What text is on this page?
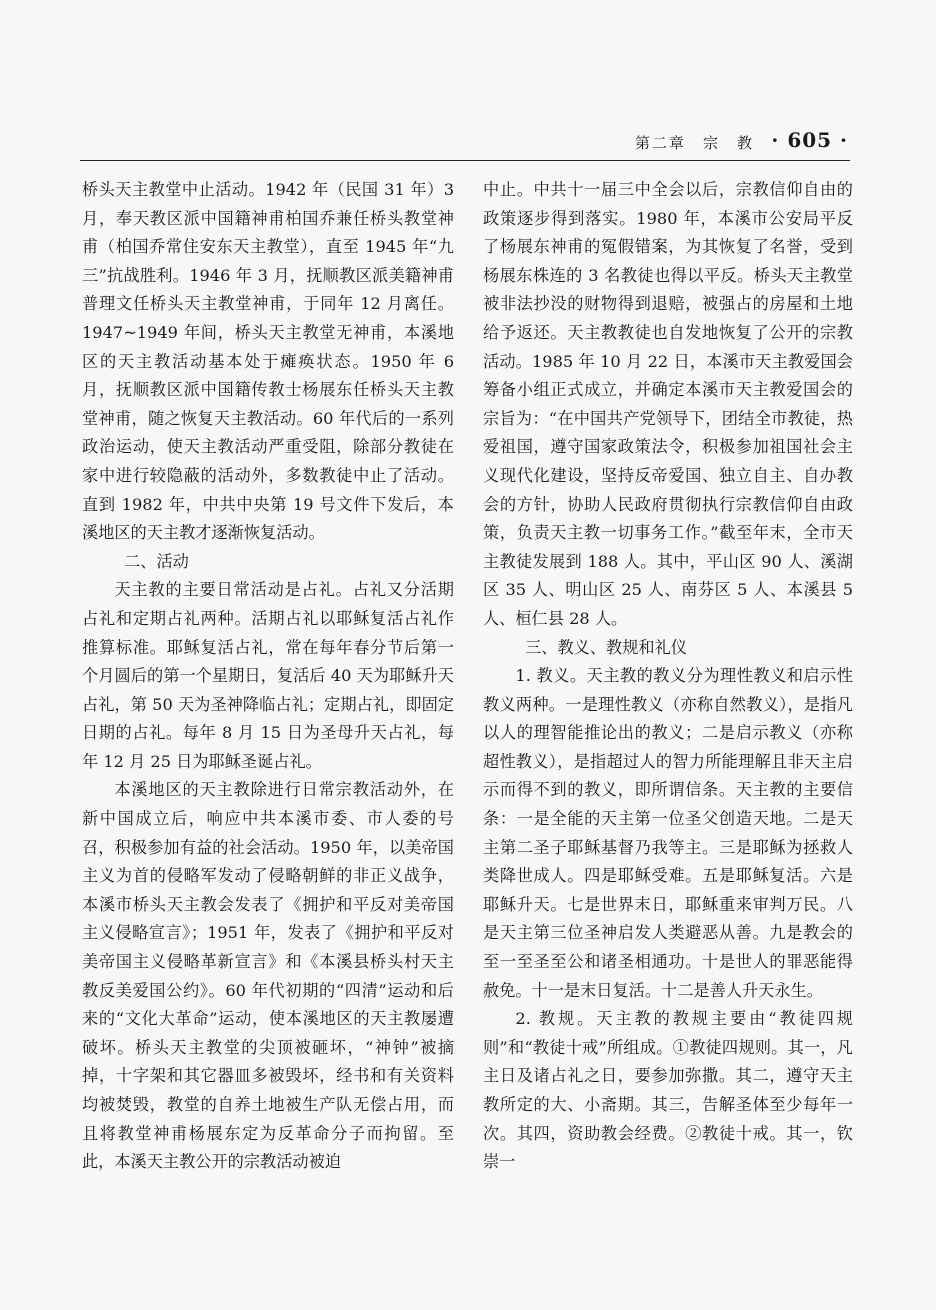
第二章　宗　教 · 605 ·

桥头天主教堂中止活动。1942 年（民国 31 年）3 月，奉天教区派中国籍神甫柏国乔兼任桥头教堂神甫（柏国乔常住安东天主教堂），直至 1945 年“九三”抗战胜利。1946 年 3 月，抚顺教区派美籍神甫普理文任桥头天主教堂神甫，于同年 12 月离任。1947~1949 年间，桥头天主教堂无神甫，本溪地区的天主教活动基本处于瘫痪状态。1950 年 6 月，抚顺教区派中国籍传教士杨展东任桥头天主教堂神甫，随之恢复天主教活动。60 年代后的一系列政治运动，使天主教活动严重受阻，除部分教徒在家中进行较隐蔽的活动外，多数教徒中止了活动。直到 1982 年，中共中央第 19 号文件下发后，本溪地区的天主教才逐渐恢复活动。

二、活动

天主教的主要日常活动是占礼。占礼又分活期占礼和定期占礼两种。活期占礼以耶稣复活占礼作推算标准。耶稣复活占礼，常在每年春分节后第一个月圆后的第一个星期日，复活后 40 天为耶稣升天占礼，第 50 天为圣神降临占礼；定期占礼，即固定日期的占礼。每年 8 月 15 日为圣母升天占礼，每年 12 月 25 日为耶稣圣诞占礼。

本溪地区的天主教除进行日常宗教活动外，在新中国成立后，响应中共本溪市委、市人委的号召，积极参加有益的社会活动。1950 年，以美帝国主义为首的侵略军发动了侵略朝鲜的非正义战争，本溪市桥头天主教会发表了《拥护和平反对美帝国主义侵略宣言》；1951 年，发表了《拥护和平反对美帝国主义侵略革新宣言》和《本溪县桥头村天主教反美爱国公约》。60 年代初期的“四清”运动和后来的“文化大革命”运动，使本溪地区的天主教屡遭破坏。桥头天主教堂的尖顶被砸坏，“神钟”被摘掉，十字架和其它器皿多被毁坏，经书和有关资料均被焚毁，教堂的自养土地被生产队无偿占用，而且将教堂神甫杨展东定为反革命分子而拘留。至此，本溪天主教公开的宗教活动被迫

中止。中共十一届三中全会以后，宗教信仰自由的政策逐步得到落实。1980 年，本溪市公安局平反了杨展东神甫的冤假错案，为其恢复了名誉，受到杨展东株连的 3 名教徒也得以平反。桥头天主教堂被非法抄没的财物得到退赔，被强占的房屋和土地给予返还。天主教教徒也自发地恢复了公开的宗教活动。1985 年 10 月 22 日，本溪市天主教爱国会筹备小组正式成立，并确定本溪市天主教爱国会的宗旨为：“在中国共产党领导下，团结全市教徒，热爱祖国，遵守国家政策法令，积极参加祖国社会主义现代化建设，坚持反帝爱国、独立自主、自办教会的方针，协助人民政府贯彻执行宗教信仰自由政策，负责天主教一切事务工作。”截至年末，全市天主教徒发展到 188 人。其中，平山区 90 人、溪湖区 35 人、明山区 25 人、南芬区 5 人、本溪县 5 人、桓仁县 28 人。

三、教义、教规和礼仪

1. 教义。天主教的教义分为理性教义和启示性教义两种。一是理性教义（亦称自然教义），是指凡以人的理智能推论出的教义；二是启示教义（亦称超性教义），是指超过人的智力所能理解且非天主启示而得不到的教义，即所谓信条。天主教的主要信条：一是全能的天主第一位圣父创造天地。二是天主第二圣子耶稣基督乃我等主。三是耶稣为拯救人类降世成人。四是耶稣受难。五是耶稣复活。六是耶稣升天。七是世界末日，耶稣重来审判万民。八是天主第三位圣神启发人类避恶从善。九是教会的至一至圣至公和诸圣相通功。十是世人的罪恶能得赦免。十一是末日复活。十二是善人升天永生。

2. 教规。天主教的教规主要由“教徒四规则”和“教徒十戒”所组成。①教徒四规则。其一，凡主日及诸占礼之日，要参加弥撒。其二，遵守天主教所定的大、小斋期。其三，告解圣体至少每年一次。其四，资助教会经费。②教徒十戒。其一，钦崇一
